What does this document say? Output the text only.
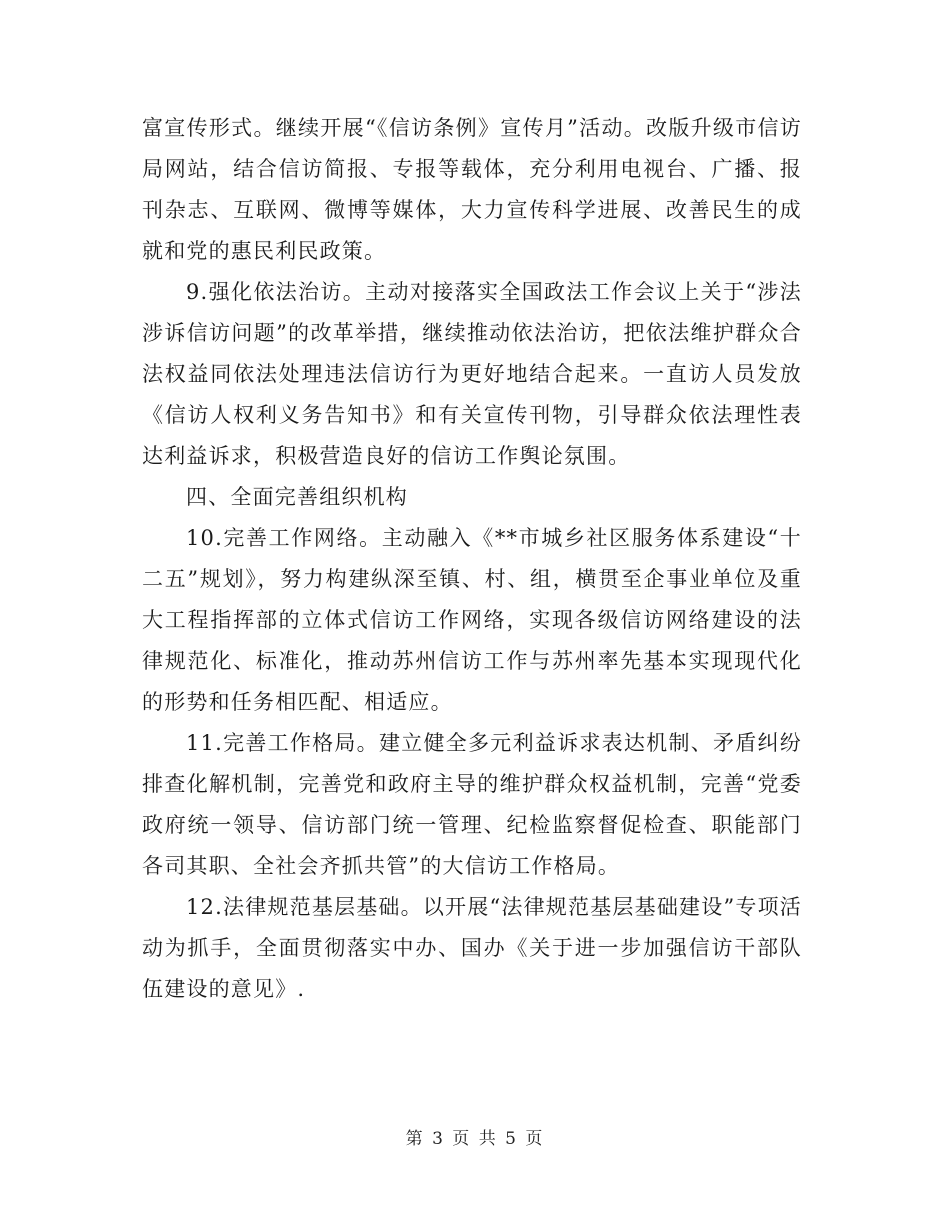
富宣传形式。继续开展“《信访条例》宣传月”活动。改版升级市信访局网站，结合信访简报、专报等载体，充分利用电视台、广播、报刊杂志、互联网、微博等媒体，大力宣传科学进展、改善民生的成就和党的惠民利民政策。

9.强化依法治访。主动对接落实全国政法工作会议上关于“涉法涉诉信访问题”的改革举措，继续推动依法治访，把依法维护群众合法权益同依法处理违法信访行为更好地结合起来。一直访人员发放《信访人权利义务告知书》和有关宣传刊物，引导群众依法理性表达利益诉求，积极营造良好的信访工作舆论氛围。

四、全面完善组织机构

10.完善工作网络。主动融入《**市城乡社区服务体系建设“十二五”规划》，努力构建纵深至镇、村、组，横贯至企事业单位及重大工程指挥部的立体式信访工作网络，实现各级信访网络建设的法律规范化、标准化，推动苏州信访工作与苏州率先基本实现现代化的形势和任务相匹配、相适应。

11.完善工作格局。建立健全多元利益诉求表达机制、矛盾纠纷排查化解机制，完善党和政府主导的维护群众权益机制，完善“党委政府统一领导、信访部门统一管理、纪检监察督促检查、职能部门各司其职、全社会齐抓共管”的大信访工作格局。

12.法律规范基层基础。以开展“法律规范基层基础建设”专项活动为抓手，全面贯彻落实中办、国办《关于进一步加强信访干部队伍建设的意见》.

第 3 页 共 5 页
